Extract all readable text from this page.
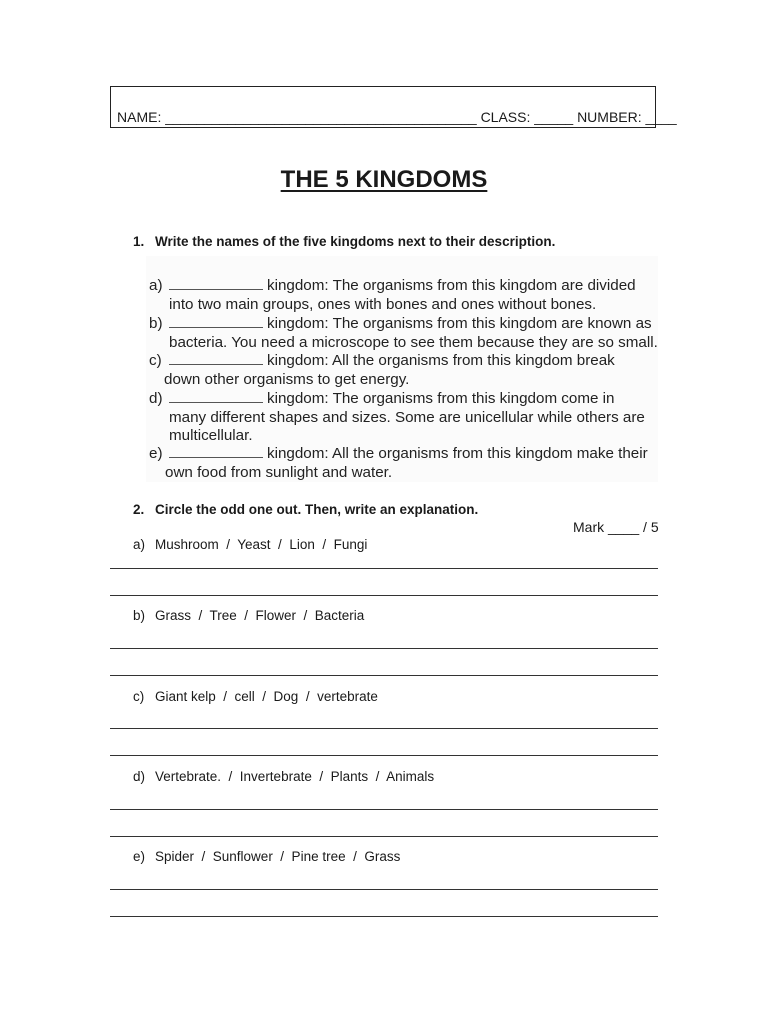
NAME: ________________________________________ CLASS: _____ NUMBER: ____
THE 5 KINGDOMS
1. Write the names of the five kingdoms next to their description.
a)	kingdom: The organisms from this kingdom are divided
into two main groups, ones with bones and ones without bones.
b)	kingdom: The organisms from this kingdom are known as
bacteria. You need a microscope to see them because they are so small.
c)	kingdom: All the organisms from this kingdom break
down other organisms to get energy.
d)	kingdom: The organisms from this kingdom come in
many different shapes and sizes. Some are unicellular while others are
multicellular.
e)	kingdom: All the organisms from this kingdom make their
own food from sunlight and water.
2. Circle the odd one out. Then, write an explanation.
Mark ____ / 5
a) Mushroom  /  Yeast  /  Lion  /  Fungi
b) Grass  /  Tree  /  Flower  /  Bacteria
c) Giant kelp  /  cell  /  Dog  /  vertebrate
d) Vertebrate.  /  Invertebrate  /  Plants  /  Animals
e) Spider  /  Sunflower  /  Pine tree  /  Grass
